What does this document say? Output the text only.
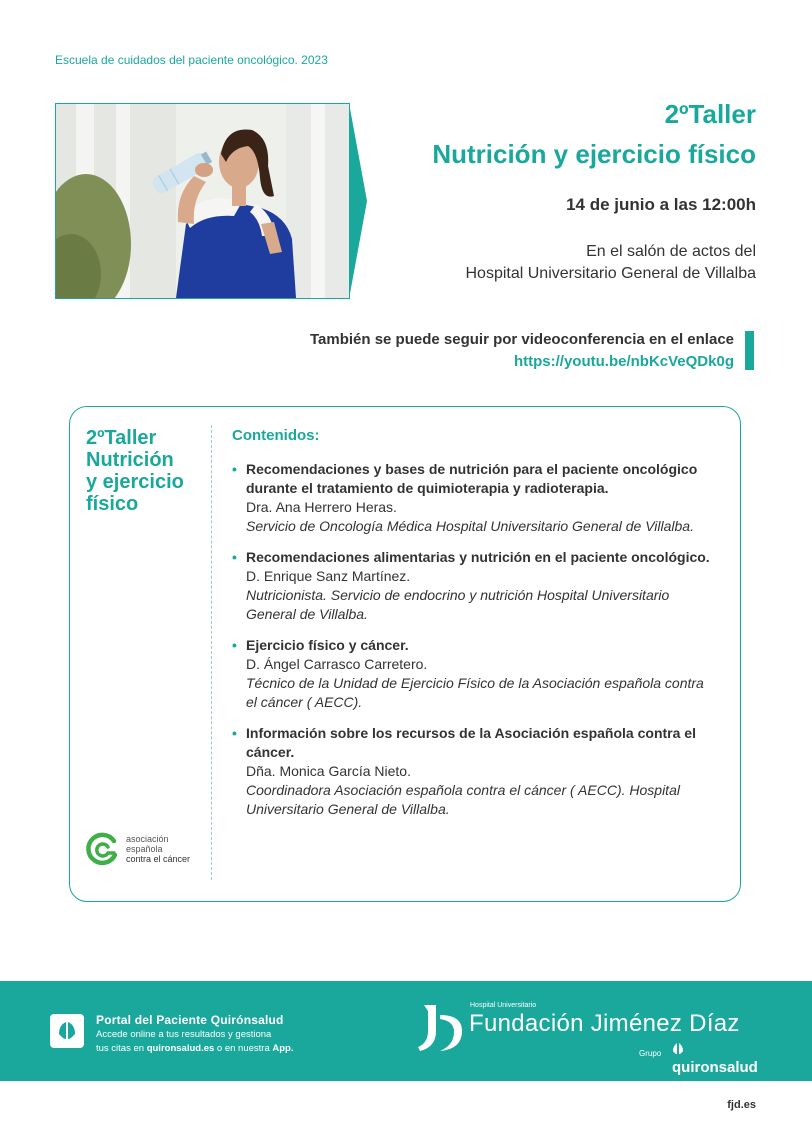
Escuela de cuidados del paciente oncológico. 2023
2ºTaller
Nutrición y ejercicio físico
14 de junio a las 12:00h
En el salón de actos del
Hospital Universitario General de Villalba
También se puede seguir por videoconferencia en el enlace
https://youtu.be/nbKcVeQDk0g
2ºTaller
Nutrición
y ejercicio
físico
Contenidos:
• Recomendaciones y bases de nutrición para el paciente oncológico durante el tratamiento de quimioterapia y radioterapia.
Dra. Ana Herrero Heras.
Servicio de Oncología Médica Hospital Universitario General de Villalba.
• Recomendaciones alimentarias y nutrición en el paciente oncológico.
D. Enrique Sanz Martínez.
Nutricionista. Servicio de endocrino y nutrición Hospital Universitario General de Villalba.
• Ejercicio físico y cáncer.
D. Ángel Carrasco Carretero.
Técnico de la Unidad de Ejercicio Físico de la Asociación española contra el cáncer ( AECC).
• Información sobre los recursos de la Asociación española contra el cáncer.
Dña. Monica García Nieto.
Coordinadora Asociación española contra el cáncer ( AECC). Hospital Universitario General de Villalba.
asociación
española
contra el cáncer
Portal del Paciente Quirónsalud
Accede online a tus resultados y gestiona
tus citas en quironsalud.es o en nuestra App.
Hospital Universitario
Fundación Jiménez Díaz
Grupo
quironsalud
fjd.es
